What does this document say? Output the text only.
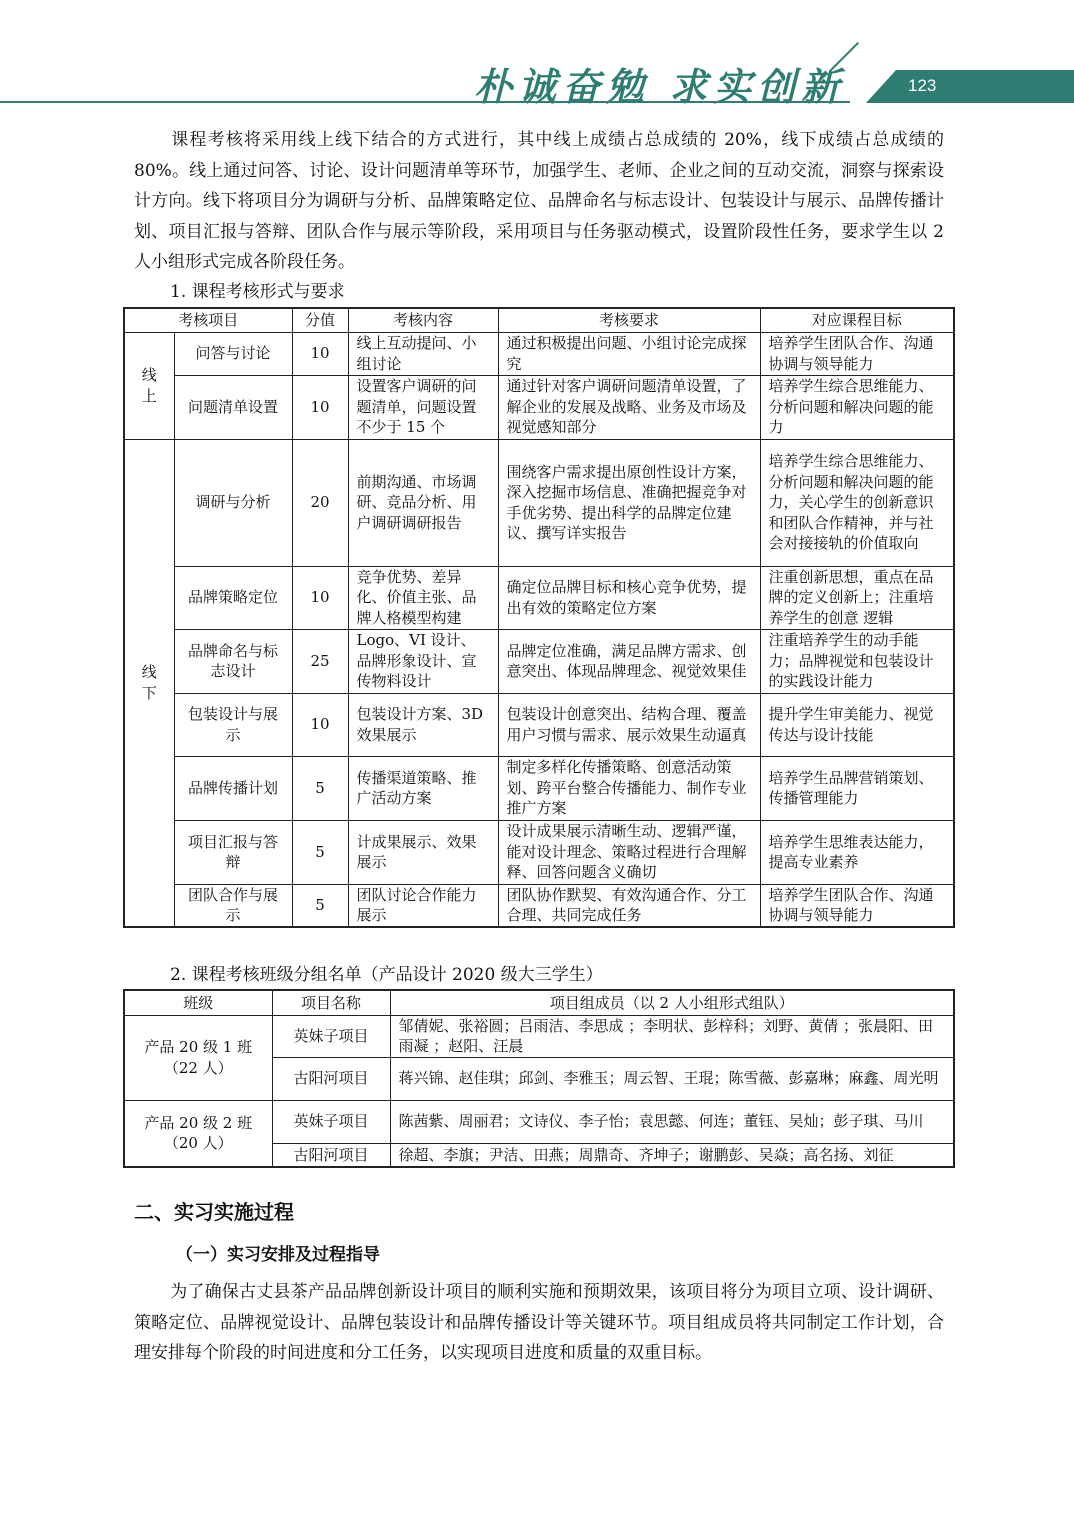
朴诚奋勉 求实创新	123
课程考核将采用线上线下结合的方式进行，其中线上成绩占总成绩的 20%，线下成绩占总成绩的 80%。线上通过问答、讨论、设计问题清单等环节，加强学生、老师、企业之间的互动交流，洞察与探索设计方向。线下将项目分为调研与分析、品牌策略定位、品牌命名与标志设计、包装设计与展示、品牌传播计划、项目汇报与答辩、团队合作与展示等阶段，采用项目与任务驱动模式，设置阶段性任务，要求学生以 2 人小组形式完成各阶段任务。
1. 课程考核形式与要求
考核项目		分值	考核内容	考核要求	对应课程目标

线
上	问答与讨论	10	线上互动提问、小组讨论	通过积极提出问题、小组讨论完成探究	培养学生团队合作、沟通协调与领导能力
	问题清单设置	10	设置客户调研的问题清单，问题设置不少于 15 个	通过针对客户调研问题清单设置，了解企业的发展及战略、业务及市场及视觉感知部分	培养学生综合思维能力、分析问题和解决问题的能力

线
下	调研与分析	20	前期沟通、市场调研、竞品分析、用户调研调研报告	围绕客户需求提出原创性设计方案，深入挖掘市场信息、准确把握竞争对手优劣势、提出科学的品牌定位建议、撰写详实报告	培养学生综合思维能力、分析问题和解决问题的能力，关心学生的创新意识和团队合作精神，并与社会对接接轨的价值取向
	品牌策略定位	10	竞争优势、差异化、价值主张、品牌人格模型构建	确定位品牌目标和核心竞争优势，提出有效的策略定位方案	注重创新思想，重点在品牌的定义创新上；注重培养学生的创意 逻辑
	品牌命名与标志设计	25	Logo、VI 设计、品牌形象设计、宣传物料设计	品牌定位准确，满足品牌方需求、创意突出、体现品牌理念、视觉效果佳	注重培养学生的动手能力；品牌视觉和包装设计的实践设计能力
	包装设计与展示	10	包装设计方案、3D 效果展示	包装设计创意突出、结构合理、覆盖用户习惯与需求、展示效果生动逼真	提升学生审美能力、视觉传达与设计技能
	品牌传播计划	5	传播渠道策略、推广活动方案	制定多样化传播策略、创意活动策划、跨平台整合传播能力、制作专业推广方案	培养学生品牌营销策划、传播管理能力
	项目汇报与答辩	5	计成果展示、效果展示	设计成果展示清晰生动、逻辑严谨，能对设计理念、策略过程进行合理解释、回答问题含义确切	培养学生思维表达能力，提高专业素养
	团队合作与展示	5	团队讨论合作能力展示	团队协作默契、有效沟通合作、分工合理、共同完成任务	培养学生团队合作、沟通协调与领导能力
2. 课程考核班级分组名单（产品设计 2020 级大三学生）
班级	项目名称	项目组成员（以 2 人小组形式组队）
产品 20 级 1 班（22 人）	英妹子项目	邹倩妮、张裕圆；吕雨洁、李思成 ；李明状、彭梓科；刘野、黄倩 ；张晨阳、田雨凝 ；赵阳、汪晨
	古阳河项目	蒋兴锦、赵佳琪；邱剑、李雅玉；周云智、王琨；陈雪薇、彭嘉琳；麻鑫、周光明
产品 20 级 2 班（20 人）	英妹子项目	陈茜紫、周丽君；文诗仪、李子怡；袁思懿、何连；董钰、吴灿；彭子琪、马川
	古阳河项目	徐超、李旗；尹洁、田燕；周鼎奇、齐坤子；谢鹏彭、吴焱；高名扬、刘征
二、实习实施过程
（一）实习安排及过程指导
为了确保古丈县茶产品品牌创新设计项目的顺利实施和预期效果，该项目将分为项目立项、设计调研、策略定位、品牌视觉设计、品牌包装设计和品牌传播设计等关键环节。项目组成员将共同制定工作计划，合理安排每个阶段的时间进度和分工任务，以实现项目进度和质量的双重目标。
